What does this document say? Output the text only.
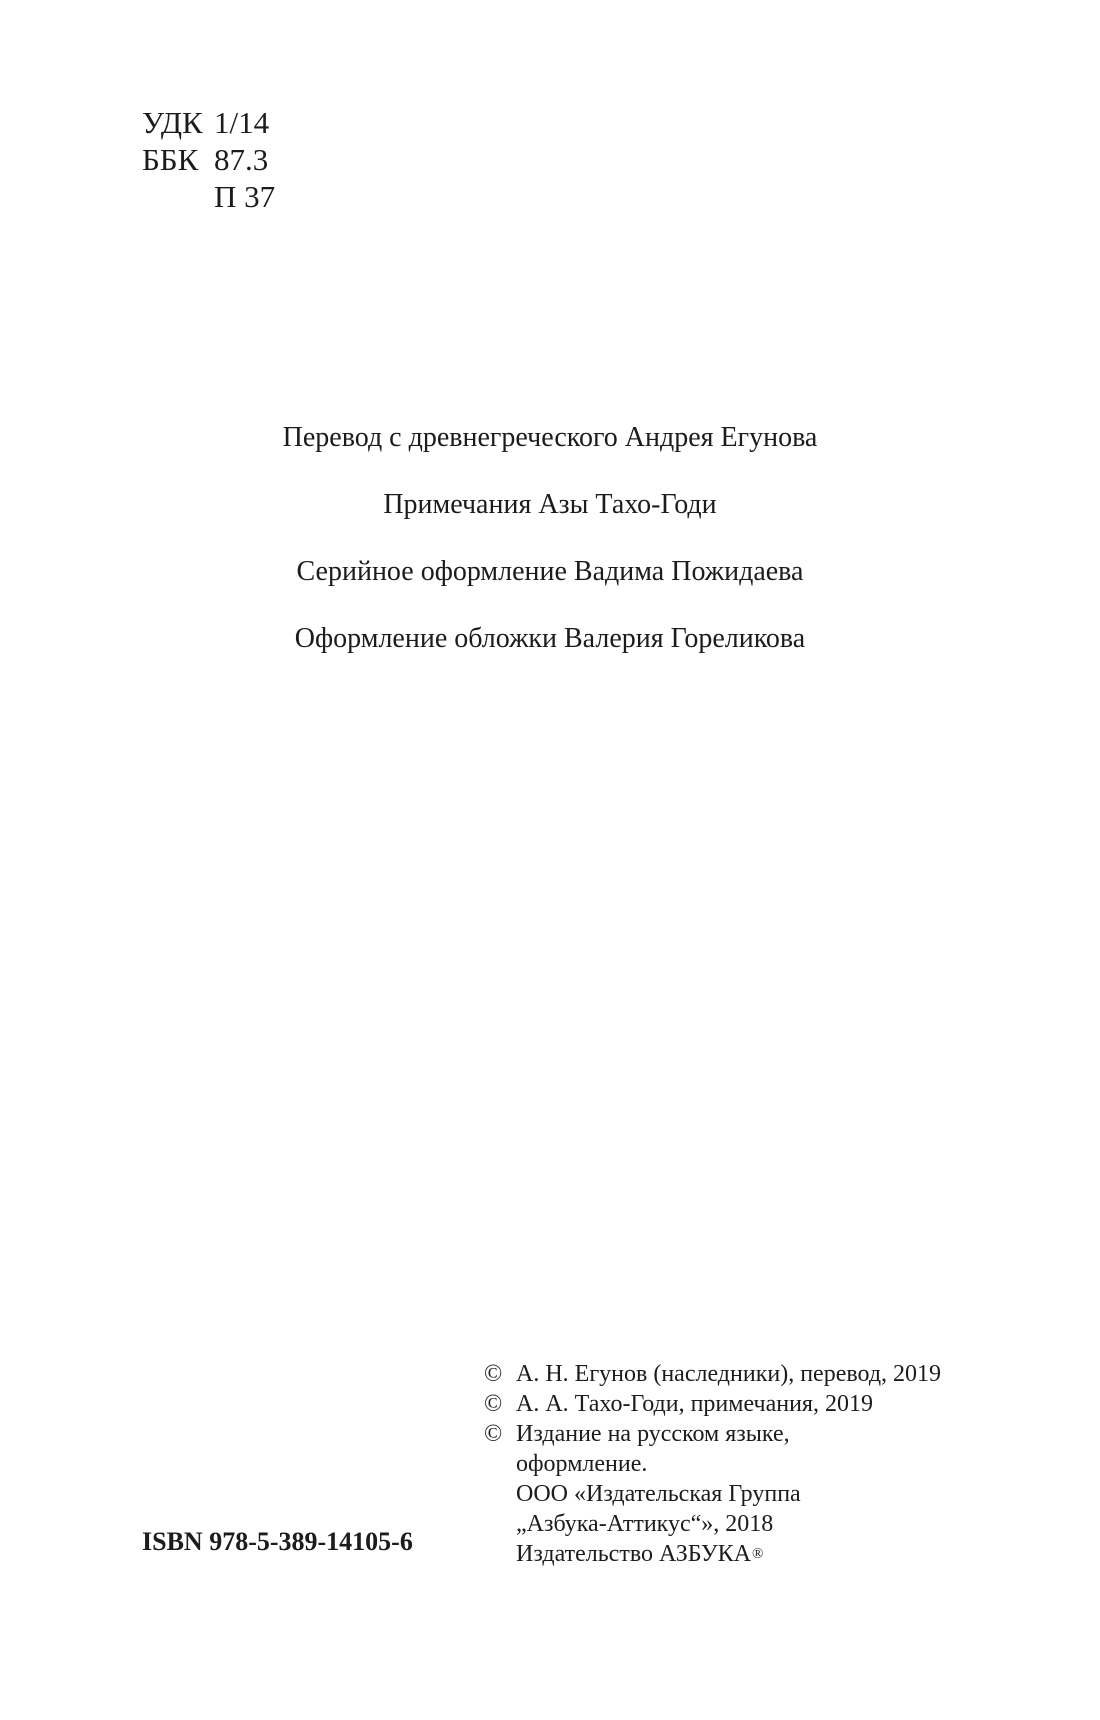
УДК 1/14
ББК 87.3
П 37
Перевод с древнегреческого Андрея Егунова
Примечания Азы Тахо-Годи
Серийное оформление Вадима Пожидаева
Оформление обложки Валерия Гореликова
© А. Н. Егунов (наследники), перевод, 2019
© А. А. Тахо-Годи, примечания, 2019
© Издание на русском языке,
оформление.
ООО «Издательская Группа
„Азбука-Аттикус“», 2018
Издательство АЗБУКА ®
ISBN 978-5-389-14105-6
